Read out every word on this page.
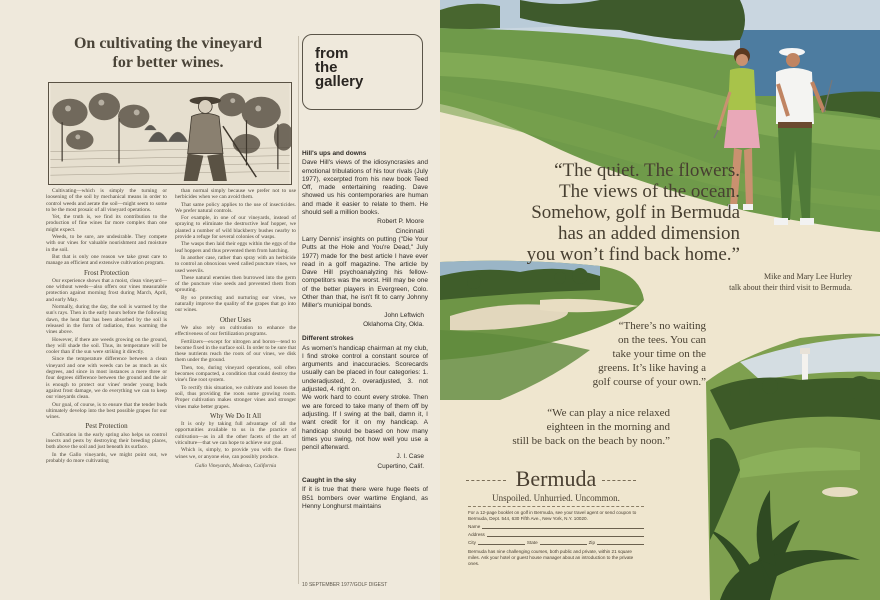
On cultivating the vineyard
for better wines.

Cultivating—which is simply the turning or loosening of the soil by mechanical means in order to control weeds and aerate the soil—might seem to some to be the most prosaic of all vineyard operations.

Yet, the truth is, we find its contribution to the production of fine wines far more complex than one might expect.

Weeds, to be sure, are undesirable. They compete with our vines for valuable nourishment and moisture in the soil.

But that is only one reason we take great care to manage an efficient and extensive cultivation program.

Frost Protection

Our experience shows that a moist, clean vineyard—one without weeds—also offers our vines measurable protection against morning frost during March, April, and early May.

Normally, during the day, the soil is warmed by the sun's rays. Then in the early hours before the following dawn, the heat that has been absorbed by the soil is released in the form of radiation, thus warming the vines above.

However, if there are weeds growing on the ground, they will shade the soil. Thus, its temperature will be cooler than if the sun were striking it directly.

Since the temperature difference between a clean vineyard and one with weeds can be as much as six degrees, and since in most instances a mere three or four degrees difference between the ground and the air is enough to protect our vines' tender young buds against frost damage, we do everything we can to keep our vineyards clean.

Our goal, of course, is to ensure that the tender buds ultimately develop into the best possible grapes for our wines.

Pest Protection

Cultivation in the early spring also helps us control insects and pests by destroying their breeding places, both above the soil and just beneath its surface.

In the Gallo vineyards, we might point out, we probably do more cultivating

than normal simply because we prefer not to use herbicides when we can avoid them.

That same policy applies to the use of insecticides. We prefer natural controls.

For example, in one of our vineyards, instead of spraying to eliminate the destructive leaf hopper, we planted a number of wild blackberry bushes nearby to provide a refuge for several colonies of wasps.

The wasps then laid their eggs within the eggs of the leaf hoppers and thus prevented them from hatching.

In another case, rather than spray with an herbicide to control an obnoxious weed called puncture vines, we used weevils.

These natural enemies then burrowed into the germ of the puncture vine seeds and prevented them from sprouting.

By so protecting and nurturing our vines, we naturally improve the quality of the grapes that go into our wines.

Other Uses

We also rely on cultivation to enhance the effectiveness of our fertilization programs.

Fertilizers—except for nitrogen and boron—tend to become fixed in the surface soil. In order to be sure that these nutrients reach the roots of our vines, we disk them under the ground.

Then, too, during vineyard operations, soil often becomes compacted, a condition that could destroy the vine's fine root system.

To rectify this situation, we cultivate and loosen the soil, thus providing the roots some growing room. Proper cultivation makes stronger vines and stronger vines make better grapes.

Why We Do It All

It is only by taking full advantage of all the opportunities available to us in the practice of cultivation—as in all the other facets of the art of viticulture—that we can hope to achieve our goal.

Which is, simply, to provide you with the finest wines we, or anyone else, can possibly produce.

Gallo Vineyards, Modesto, California

from
the
gallery
Hill's ups and downs

Dave Hill's views of the idiosyncrasies and emotional tribulations of his tour rivals (July 1977), excerpted from his new book Teed Off, made entertaining reading. Dave showed us his contemporaries are human and made it easier to relate to them. He should sell a million books.

Robert P. Moore

Cincinnati

Larry Dennis' insights on putting ("Die Your Putts at the Hole and You're Dead," July 1977) made for the best article I have ever read in a golf magazine. The article by Dave Hill psychoanalyzing his fellow-competitors was the worst. Hill may be one of the better players in Evergreen, Colo. Other than that, he isn't fit to carry Johnny Miller's municipal bonds.

John Leftwich

Oklahoma City, Okla.

Different strokes

As women's handicap chairman at my club, I find stroke control a constant source of arguments and inaccuracies. Scorecards usually can be placed in four categories: 1. underadjusted, 2. overadjusted, 3. not adjusted, 4. right on.

We work hard to count every stroke. Then we are forced to take many of them off by adjusting. If I swing at the ball, damn it, I want credit for it on my handicap. A handicap should be based on how many times you swing, not how well you use a pencil afterward.

J. I. Case

Cupertino, Calif.

Caught in the sky

If it is true that there were huge fleets of B51 bombers over wartime England, as Henny Longhurst maintains

10 SEPTEMBER 1977/GOLF DIGEST
“The quiet. The flowers.
The views of the ocean.
Somehow, golf in Bermuda
has an added dimension
you won’t find back home.”
Mike and Mary Lee Hurley
talk about their third visit to Bermuda.
“There’s no waiting
on the tees. You can
take your time on the
greens. It’s like having a
golf course of your own.”
“We can play a nice relaxed
eighteen in the morning and
still be back on the beach by noon.”
Bermuda
Unspoiled. Unhurried. Uncommon.

For a 12-page booklet on golf in Bermuda, see your travel agent or send coupon to Bermuda, Dept. 544, 630 Fifth Ave., New York, N.Y. 10020.

Name
Address
City	State	Zip

Bermuda has nine challenging courses, both public and private, within 21 square miles. Ask your hotel or guest house manager about an introduction to the private ones.
